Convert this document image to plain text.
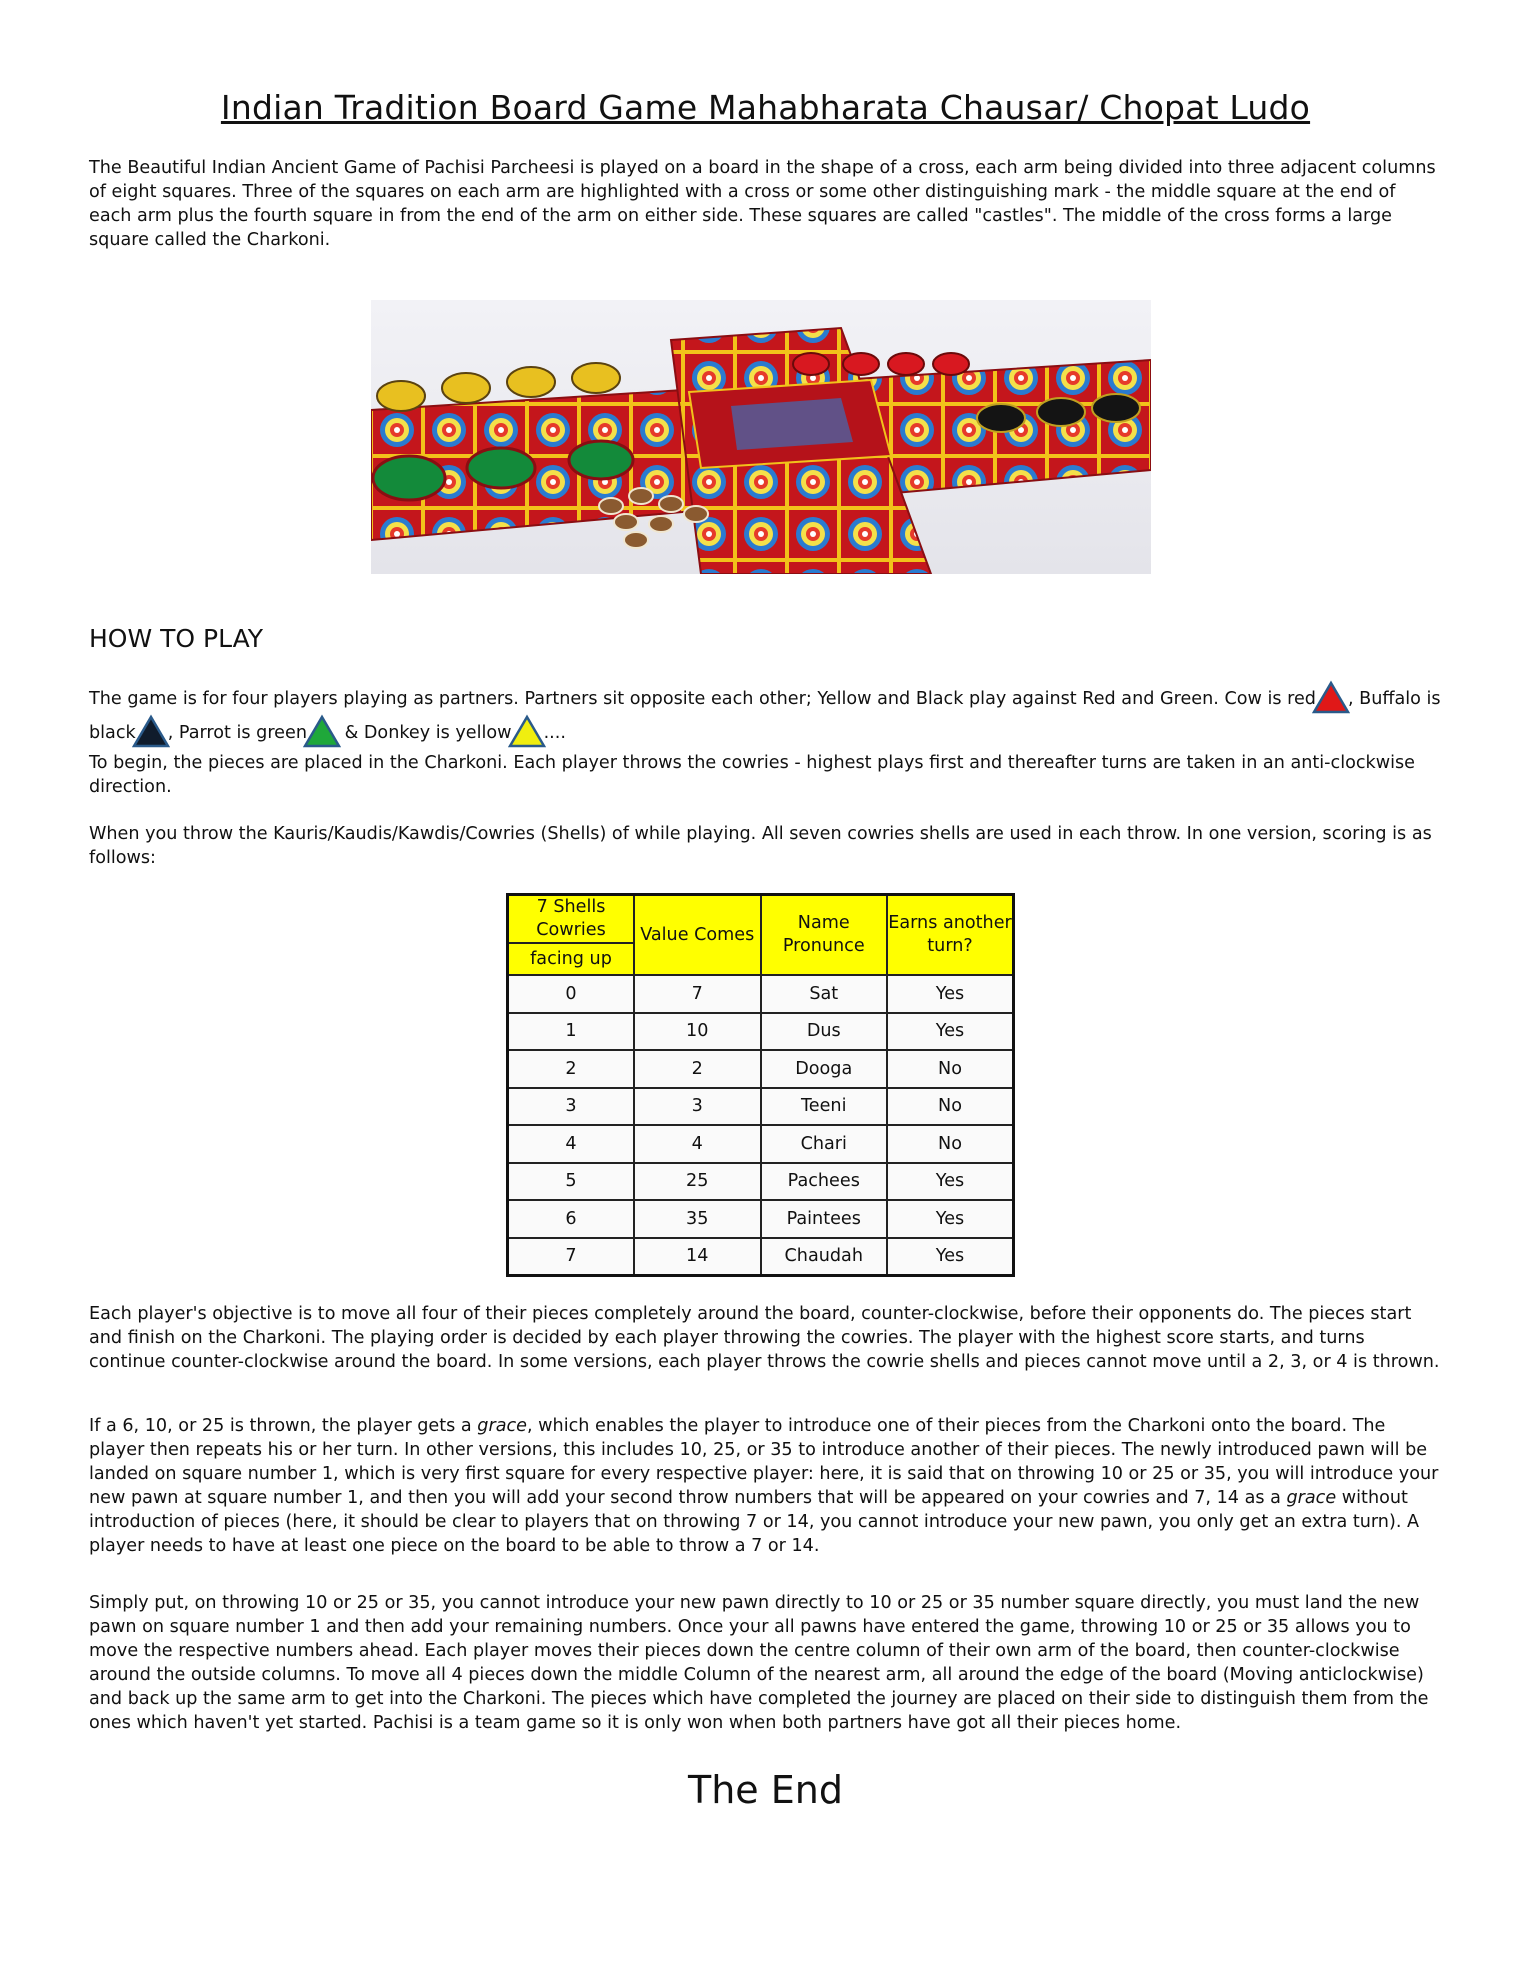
Indian Tradition Board Game Mahabharata Chausar/ Chopat Ludo

The Beautiful Indian Ancient Game of Pachisi Parcheesi is played on a board in the shape of a cross, each arm being divided into three adjacent columns of eight squares. Three of the squares on each arm are highlighted with a cross or some other distinguishing mark - the middle square at the end of each arm plus the fourth square in from the end of the arm on either side. These squares are called "castles". The middle of the cross forms a large square called the Charkoni.

HOW TO PLAY

The game is for four players playing as partners. Partners sit opposite each other; Yellow and Black play against Red and Green. Cow is red , Buffalo is black , Parrot is green
& Donkey is yellow ....

To begin, the pieces are placed in the Charkoni. Each player throws the cowries - highest plays first and thereafter turns are taken in an anti-clockwise direction.

When you throw the Kauris/Kaudis/Kawdis/Cowries (Shells) of while playing. All seven cowries shells are used in each throw. In one version, scoring is as follows:

7 Shells Cowries	Value Comes	Name Pronunce	Earns another turn?
facing up			
0	7	Sat	Yes
1	10	Dus	Yes
2	2	Dooga	No
3	3	Teeni	No
4	4	Chari	No
5	25	Pachees	Yes
6	35	Paintees	Yes
7	14	Chaudah	Yes

Each player's objective is to move all four of their pieces completely around the board, counter-clockwise, before their opponents do. The pieces start and finish on the Charkoni. The playing order is decided by each player throwing the cowries. The player with the highest score starts, and turns continue counter-clockwise around the board. In some versions, each player throws the cowrie shells and pieces cannot move until a 2, 3, or 4 is thrown.

If a 6, 10, or 25 is thrown, the player gets a grace, which enables the player to introduce one of their pieces from the Charkoni onto the board. The player then repeats his or her turn. In other versions, this includes 10, 25, or 35 to introduce another of their pieces. The newly introduced pawn will be landed on square number 1, which is very first square for every respective player: here, it is said that on throwing 10 or 25 or 35, you will introduce your new pawn at square number 1, and then you will add your second throw numbers that will be appeared on your cowries and 7, 14 as a grace without introduction of pieces (here, it should be clear to players that on throwing 7 or 14, you cannot introduce your new pawn, you only get an extra turn). A player needs to have at least one piece on the board to be able to throw a 7 or 14.

Simply put, on throwing 10 or 25 or 35, you cannot introduce your new pawn directly to 10 or 25 or 35 number square directly, you must land the new pawn on square number 1 and then add your remaining numbers. Once your all pawns have entered the game, throwing 10 or 25 or 35 allows you to move the respective numbers ahead. Each player moves their pieces down the centre column of their own arm of the board, then counter-clockwise around the outside columns. To move all 4 pieces down the middle Column of the nearest arm, all around the edge of the board (Moving anticlockwise) and back up the same arm to get into the Charkoni. The pieces which have completed the journey are placed on their side to distinguish them from the ones which haven't yet started. Pachisi is a team game so it is only won when both partners have got all their pieces home.

The End
